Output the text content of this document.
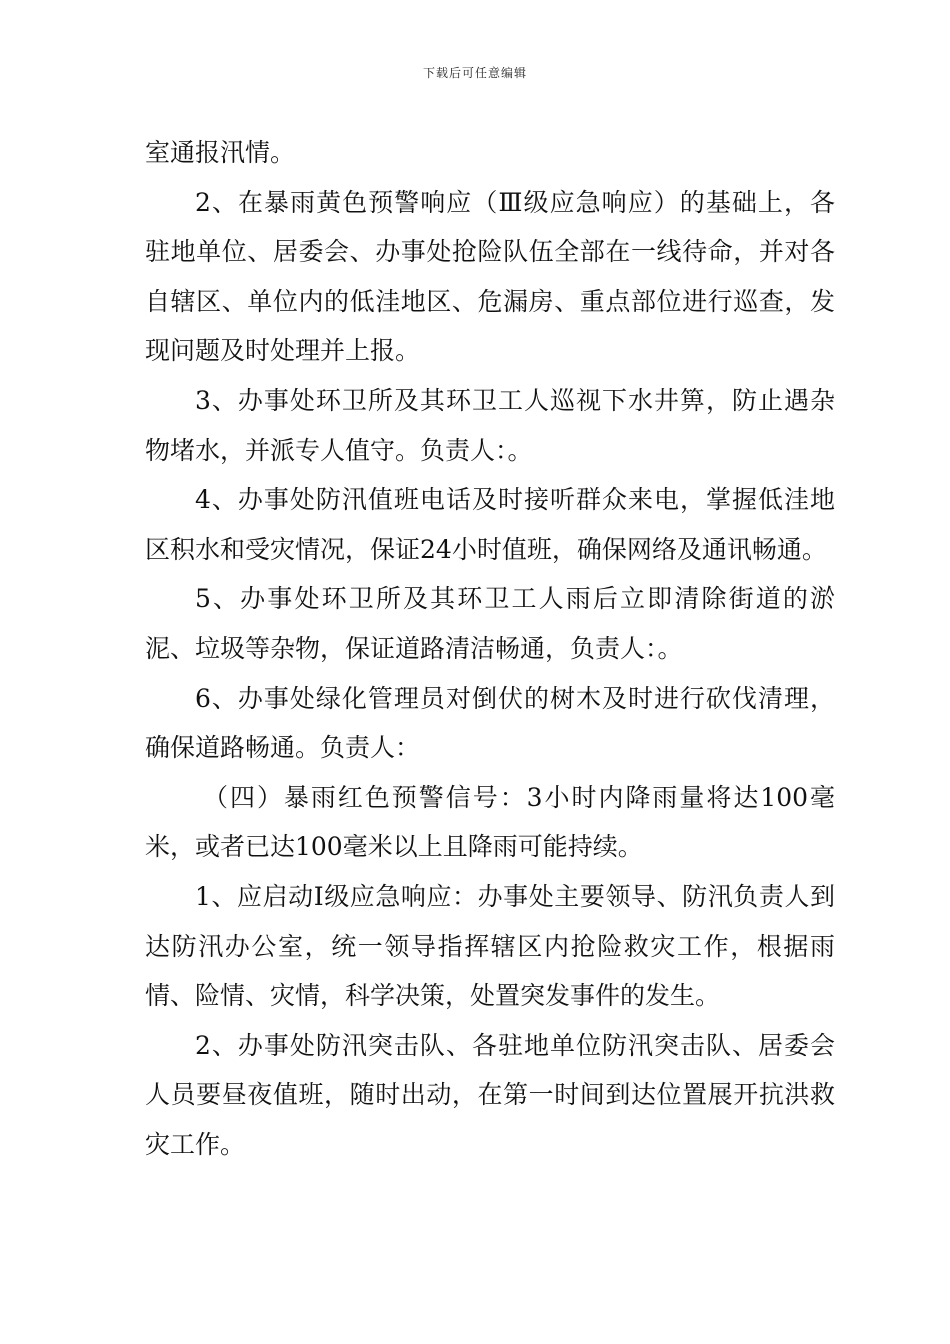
下载后可任意编辑

室通报汛情。

2、在暴雨黄色预警响应（Ⅲ级应急响应）的基础上，各驻地单位、居委会、办事处抢险队伍全部在一线待命，并对各自辖区、单位内的低洼地区、危漏房、重点部位进行巡查，发现问题及时处理并上报。

3、办事处环卫所及其环卫工人巡视下水井箅，防止遇杂物堵水，并派专人值守。负责人：。

4、办事处防汛值班电话及时接听群众来电，掌握低洼地区积水和受灾情况，保证24小时值班，确保网络及通讯畅通。

5、办事处环卫所及其环卫工人雨后立即清除街道的淤泥、垃圾等杂物，保证道路清洁畅通，负责人：。

6、办事处绿化管理员对倒伏的树木及时进行砍伐清理，确保道路畅通。负责人：

（四）暴雨红色预警信号：3小时内降雨量将达100毫米，或者已达100毫米以上且降雨可能持续。

1、应启动Ⅰ级应急响应：办事处主要领导、防汛负责人到达防汛办公室，统一领导指挥辖区内抢险救灾工作，根据雨情、险情、灾情，科学决策，处置突发事件的发生。

2、办事处防汛突击队、各驻地单位防汛突击队、居委会人员要昼夜值班，随时出动，在第一时间到达位置展开抗洪救灾工作。
